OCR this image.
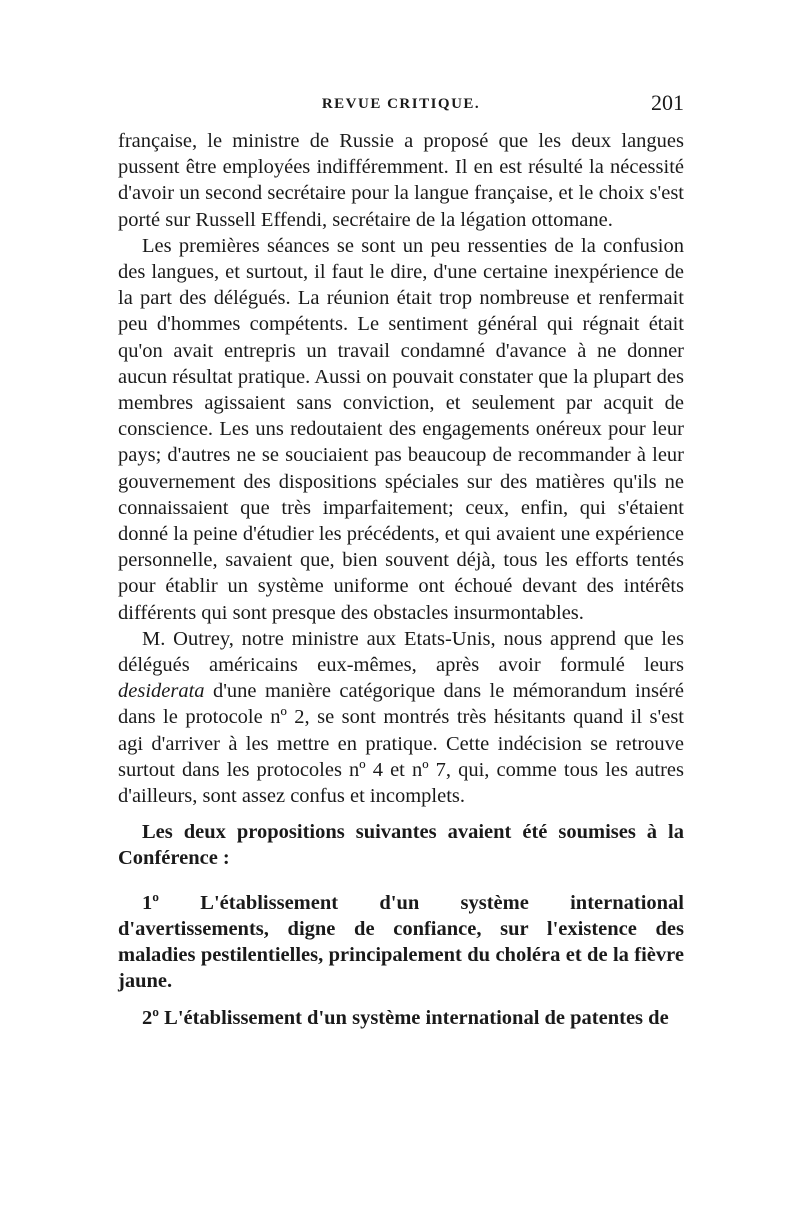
REVUE CRITIQUE.	201

française, le ministre de Russie a proposé que les deux langues pussent être employées indifféremment. Il en est résulté la nécessité d'avoir un second secrétaire pour la langue française, et le choix s'est porté sur Russell Effendi, secrétaire de la légation ottomane.

Les premières séances se sont un peu ressenties de la confusion des langues, et surtout, il faut le dire, d'une certaine inexpérience de la part des délégués. La réunion était trop nombreuse et renfermait peu d'hommes compétents. Le sentiment général qui régnait était qu'on avait entrepris un travail condamné d'avance à ne donner aucun résultat pratique. Aussi on pouvait constater que la plupart des membres agissaient sans conviction, et seulement par acquit de conscience. Les uns redoutaient des engagements onéreux pour leur pays; d'autres ne se souciaient pas beaucoup de recommander à leur gouvernement des dispositions spéciales sur des matières qu'ils ne connaissaient que très imparfaitement; ceux, enfin, qui s'étaient donné la peine d'étudier les précédents, et qui avaient une expérience personnelle, savaient que, bien souvent déjà, tous les efforts tentés pour établir un système uniforme ont échoué devant des intérêts différents qui sont presque des obstacles insurmontables.

M. Outrey, notre ministre aux Etats-Unis, nous apprend que les délégués américains eux-mêmes, après avoir formulé leurs desiderata d'une manière catégorique dans le mémorandum inséré dans le protocole nº 2, se sont montrés très hésitants quand il s'est agi d'arriver à les mettre en pratique. Cette indécision se retrouve surtout dans les protocoles nº 4 et nº 7, qui, comme tous les autres d'ailleurs, sont assez confus et incomplets.

Les deux propositions suivantes avaient été soumises à la Conférence :

1º L'établissement d'un système international d'avertissements, digne de confiance, sur l'existence des maladies pestilentielles, principalement du choléra et de la fièvre jaune.

2º L'établissement d'un système international de patentes de
